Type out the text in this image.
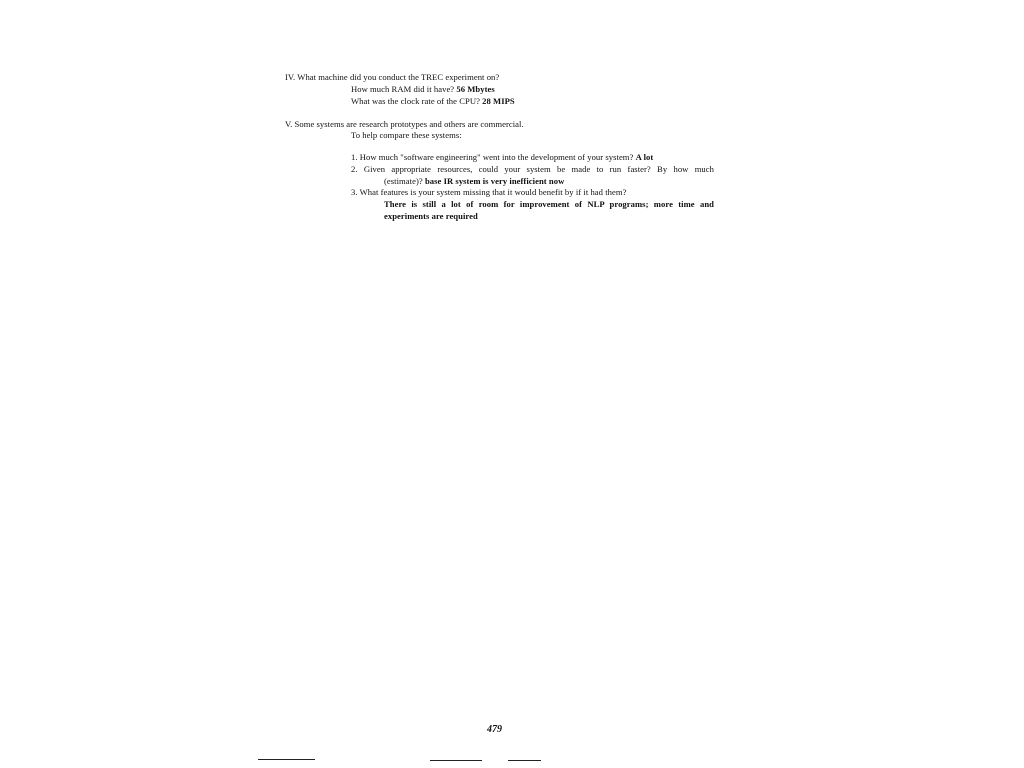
IV. What machine did you conduct the TREC experiment on?
How much RAM did it have? 56 Mbytes
What was the clock rate of the CPU? 28 MIPS
V. Some systems are research prototypes and others are commercial.
To help compare these systems:
1. How much "software engineering" went into the development of your system? A lot
2. Given appropriate resources, could your system be made to run faster? By how much
(estimate)? base IR system is very inefficient now
3. What features is your system missing that it would benefit by if it had them?
There is still a lot of room for improvement of NLP programs; more time and
experiments are required
479
